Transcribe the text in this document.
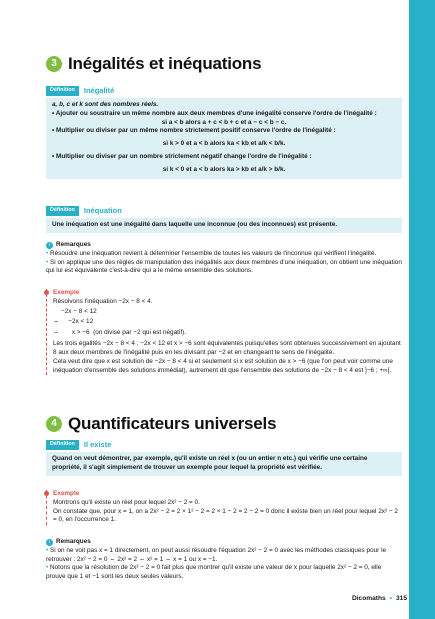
3 Inégalités et inéquations
Définition	Inégalité
a, b, c et k sont des nombres réels.
• Ajouter ou soustraire un même nombre aux deux membres d'une inégalité conserve l'ordre de l'inégalité :
si a < b alors a + c < b + c et a − c < b − c.
• Multiplier ou diviser par un même nombre strictement positif conserve l'ordre de l'inégalité :
si k > 0 et a < b alors ka < kb et a/k < b/k.
• Multiplier ou diviser par un nombre strictement négatif change l'ordre de l'inégalité :
si k < 0 et a < b alors ka > kb et a/k > b/k.
Définition	Inéquation
Une inéquation est une inégalité dans laquelle une inconnue (ou des inconnues) est présente.
› Remarques
• Résoudre une inéquation revient à déterminer l'ensemble de toutes les valeurs de l'inconnue qui vérifient l'inégalité.
• Si on applique une des règles de manipulation des inégalités aux deux membres d'une inéquation, on obtient une inéquation qui lui est équivalente c'est-à-dire qui a le même ensemble des solutions.
Exemple
Résolvons l'inéquation −2x − 8 < 4.
−2x − 8 < 12
⇔     −2x < 12
⇔       x > −6  (on divise par −2 qui est négatif).
Les trois égalités −2x − 8 < 4 ; −2x < 12 et x > −6 sont équivalentes puisqu'elles sont obtenues successivement en ajoutant 8 aux deux membres de l'inégalité puis en les divisant par −2 et en changeant le sens de l'inégalité.
Cela veut dire que x est solution de −2x − 8 < 4 si et seulement si x est solution de x > −6 (que l'on peut voir comme une inéquation d'ensemble des solutions immédiat), autrement dit que l'ensemble des solutions de −2x − 8 < 4 est ]−6 ; +∞[.
4 Quantificateurs universels
Définition	Il existe
Quand on veut démontrer, par exemple, qu'il existe un réel x (ou un entier n etc.) qui vérifie une certaine propriété, il s'agit simplement de trouver un exemple pour lequel la propriété est vérifiée.
Exemple
Montrons qu'il existe un réel pour lequel 2x² − 2 = 0.
On constate que, pour x = 1, on a 2x² − 2 = 2 × 1² − 2 = 2 × 1 − 2 = 2 − 2 = 0 donc il existe bien un réel pour lequel 2x² − 2 = 0, en l'occurrence 1.
› Remarques
• Si on ne voit pas x = 1 directement, on peut aussi résoudre l'équation 2x² − 2 = 0 avec les méthodes classiques pour le retrouver : 2x² − 2 = 0 ⇔ 2x² = 2 ⇔ x² = 1 ⇔ x = 1 ou x = −1.
• Notons que la résolution de 2x² − 2 = 0 fait plus que montrer qu'il existe une valeur de x pour laquelle 2x² − 2 = 0, elle prouve que 1 et −1 sont les deux seules valeurs.
Dicomaths • 315
